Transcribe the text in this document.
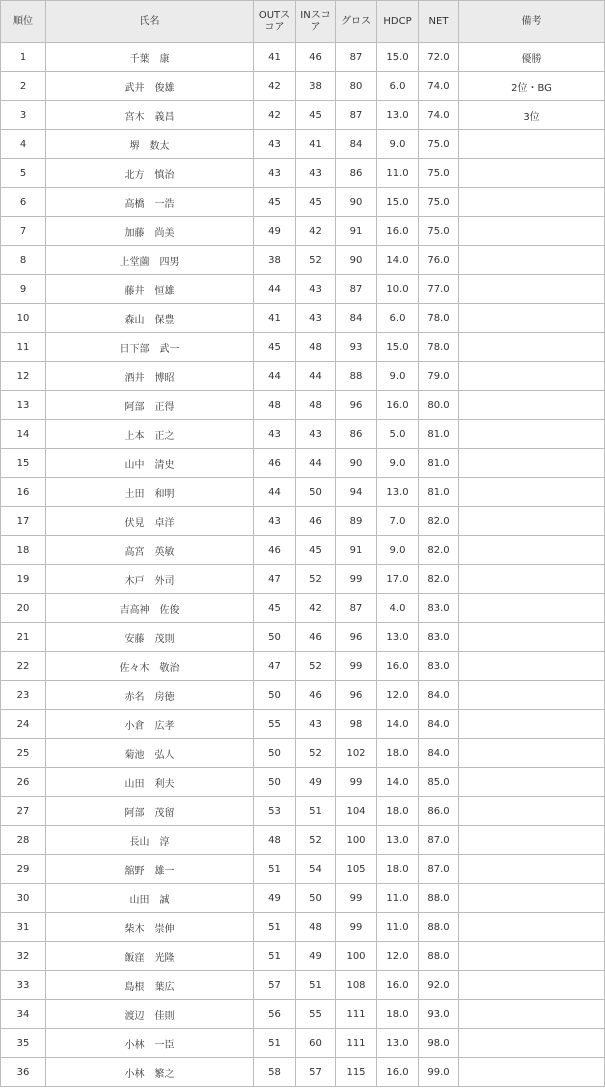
順位	氏名	OUTスコア	INスコア	グロス	HDCP	NET	備考
1	千葉　康	41	46	87	15.0	72.0	優勝
2	武井　俊雄	42	38	80	6.0	74.0	2位・BG
3	宮木　義昌	42	45	87	13.0	74.0	3位
4	堺　数太	43	41	84	9.0	75.0	
5	北方　慎治	43	43	86	11.0	75.0	
6	高橋　一浩	45	45	90	15.0	75.0	
7	加藤　尚美	49	42	91	16.0	75.0	
8	上堂薗　四男	38	52	90	14.0	76.0	
9	藤井　恒雄	44	43	87	10.0	77.0	
10	森山　保豊	41	43	84	6.0	78.0	
11	日下部　武一	45	48	93	15.0	78.0	
12	酒井　博昭	44	44	88	9.0	79.0	
13	阿部　正得	48	48	96	16.0	80.0	
14	上本　正之	43	43	86	5.0	81.0	
15	山中　清史	46	44	90	9.0	81.0	
16	土田　和明	44	50	94	13.0	81.0	
17	伏見　卓洋	43	46	89	7.0	82.0	
18	高宮　英敏	46	45	91	9.0	82.0	
19	木戸　外司	47	52	99	17.0	82.0	
20	吉高神　佐俊	45	42	87	4.0	83.0	
21	安藤　茂則	50	46	96	13.0	83.0	
22	佐々木　敬治	47	52	99	16.0	83.0	
23	赤名　房徳	50	46	96	12.0	84.0	
24	小倉　広孝	55	43	98	14.0	84.0	
25	菊池　弘人	50	52	102	18.0	84.0	
26	山田　利夫	50	49	99	14.0	85.0	
27	阿部　茂留	53	51	104	18.0	86.0	
28	長山　淳	48	52	100	13.0	87.0	
29	舘野　雄一	51	54	105	18.0	87.0	
30	山田　誠	49	50	99	11.0	88.0	
31	柴木　崇伸	51	48	99	11.0	88.0	
32	飯窪　光隆	51	49	100	12.0	88.0	
33	島根　葉広	57	51	108	16.0	92.0	
34	渡辺　佳則	56	55	111	18.0	93.0	
35	小林　一臣	51	60	111	13.0	98.0	
36	小林　繁之	58	57	115	16.0	99.0	
